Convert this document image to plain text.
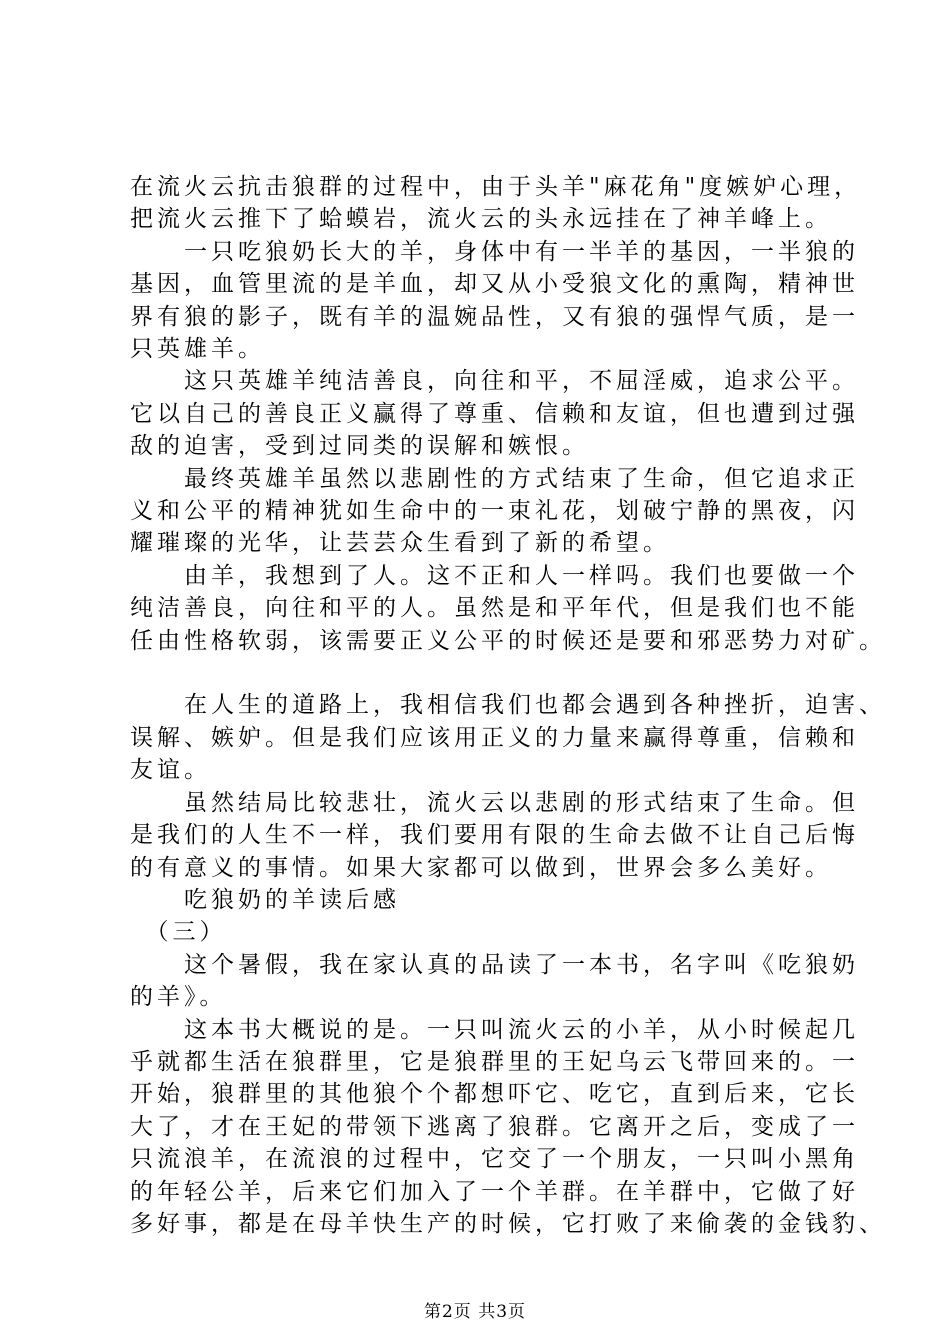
在流火云抗击狼群的过程中，由于头羊"麻花角"度嫉妒心理，

把流火云推下了蛤蟆岩，流火云的头永远挂在了神羊峰上。

　　一只吃狼奶长大的羊，身体中有一半羊的基因，一半狼的

基因，血管里流的是羊血，却又从小受狼文化的熏陶，精神世

界有狼的影子，既有羊的温婉品性，又有狼的强悍气质，是一

只英雄羊。

　　这只英雄羊纯洁善良，向往和平，不屈淫威，追求公平。

它以自己的善良正义赢得了尊重、信赖和友谊，但也遭到过强

敌的迫害，受到过同类的误解和嫉恨。

　　最终英雄羊虽然以悲剧性的方式结束了生命，但它追求正

义和公平的精神犹如生命中的一束礼花，划破宁静的黑夜，闪

耀璀璨的光华，让芸芸众生看到了新的希望。

　　由羊，我想到了人。这不正和人一样吗。我们也要做一个

纯洁善良，向往和平的人。虽然是和平年代，但是我们也不能

任由性格软弱，该需要正义公平的时候还是要和邪恶势力对矿。

　　在人生的道路上，我相信我们也都会遇到各种挫折，迫害、

误解、嫉妒。但是我们应该用正义的力量来赢得尊重，信赖和

友谊。

　　虽然结局比较悲壮，流火云以悲剧的形式结束了生命。但

是我们的人生不一样，我们要用有限的生命去做不让自己后悔

的有意义的事情。如果大家都可以做到，世界会多么美好。

　　吃狼奶的羊读后感

　（三）

　　这个暑假，我在家认真的品读了一本书，名字叫《吃狼奶

的羊》。

　　这本书大概说的是。一只叫流火云的小羊，从小时候起几

乎就都生活在狼群里，它是狼群里的王妃乌云飞带回来的。一

开始，狼群里的其他狼个个都想吓它、吃它，直到后来，它长

大了，才在王妃的带领下逃离了狼群。它离开之后，变成了一

只流浪羊，在流浪的过程中，它交了一个朋友，一只叫小黑角

的年轻公羊，后来它们加入了一个羊群。在羊群中，它做了好

多好事，都是在母羊快生产的时候，它打败了来偷袭的金钱豹、

第2页 共3页
